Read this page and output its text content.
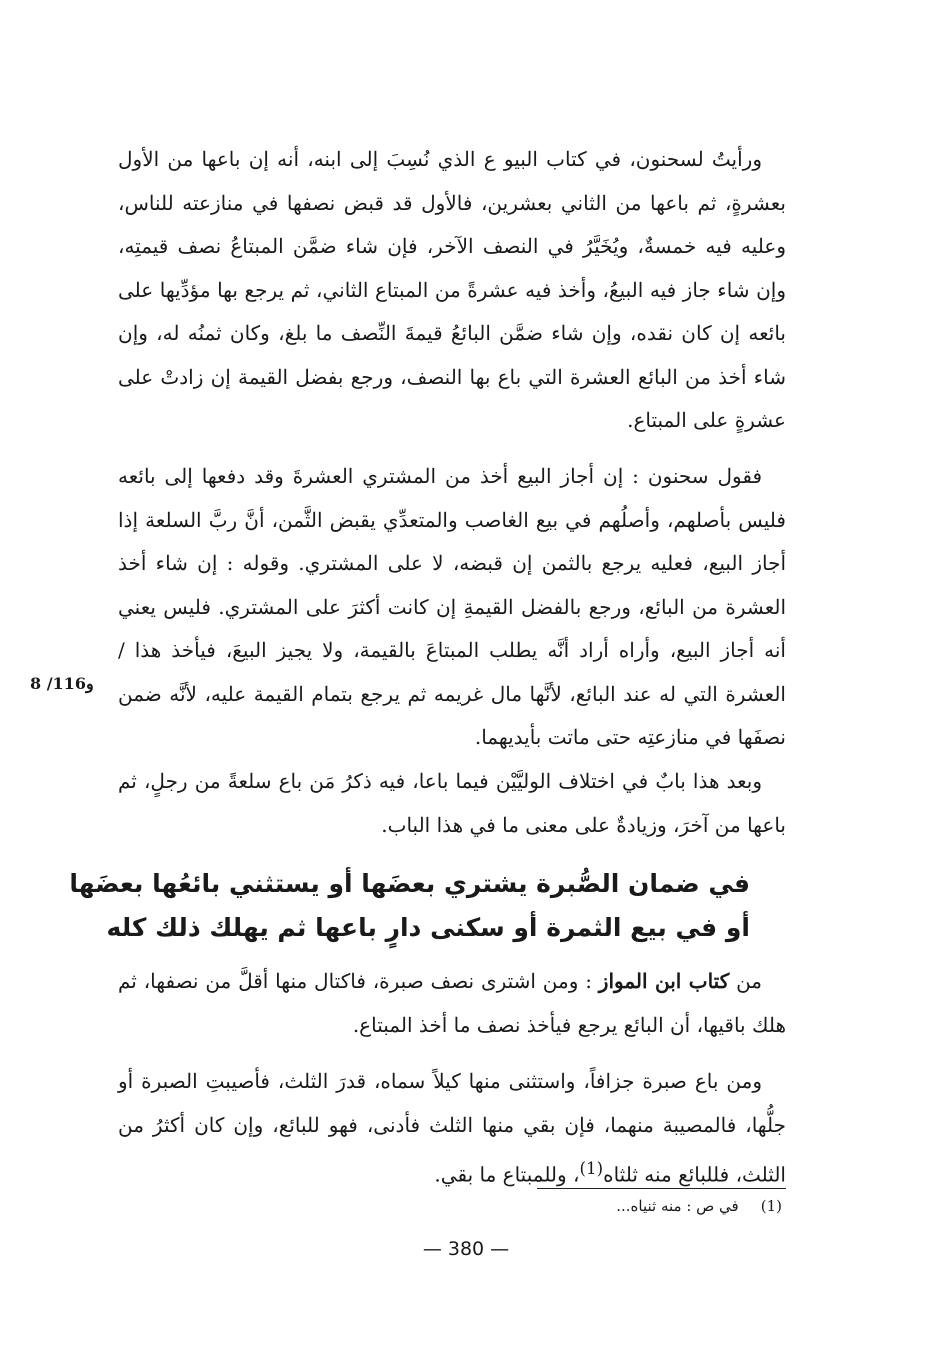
ورأيتُ لسحنون، في كتاب البيو ع الذي نُسِبَ إلى ابنه، أنه إن باعها من الأول بعشرةٍ، ثم باعها من الثاني بعشرين، فالأول قد قبض نصفها في منازعته للناس، وعليه فيه خمسةٌ، ويُخَيَّرُ في النصف الآخر، فإن شاء ضمَّن المبتاعُ نصف قيمتِه، وإن شاء جاز فيه البيعُ، وأخذ فيه عشرةً من المبتاع الثاني، ثم يرجع بها مؤدِّيها على بائعه إن كان نقده، وإن شاء ضمَّن البائعُ قيمةَ النِّصف ما بلغ، وكان ثمنُه له، وإن شاء أخذ من البائع العشرة التي باع بها النصف، ورجع بفضل القيمة إن زادتْ على عشرةٍ على المبتاع.

فقول سحنون : إن أجاز البيع أخذ من المشتري العشرةَ وقد دفعها إلى بائعه فليس بأصلهم، وأصلُهم في بيع الغاصب والمتعدِّي يقبض الثَّمن، أنَّ ربَّ السلعة إذا أجاز البيع، فعليه يرجع بالثمن إن قبضه، لا على المشتري. وقوله : إن شاء أخذ العشرة من البائع، ورجع بالفضل القيمةِ إن كانت أكثرَ على المشتري. فليس يعني أنه أجاز البيع، وأراه أراد أنَّه يطلب المبتاعَ بالقيمة، ولا يجيز البيعَ، فيأخذ هذا / العشرة التي له عند البائع، لأنَّها مال غريمه ثم يرجع بتمام القيمة عليه، لأنَّه ضمن نصفَها في منازعتِه حتى ماتت بأيديهما.

8 /116و

وبعد هذا بابٌ في اختلاف الوليَّيْن فيما باعا، فيه ذكرُ مَن باع سلعةً من رجلٍ، ثم باعها من آخرَ، وزيادةٌ على معنى ما في هذا الباب.

في ضمان الصُّبرة يشتري بعضَها أو يستثني بائعُها بعضَها
أو في بيع الثمرة أو سكنى دارٍ باعها ثم يهلك ذلك كله

من كتاب ابن المواز : ومن اشترى نصف صبرة، فاكتال منها أقلَّ من نصفها، ثم هلك باقيها، أن البائع يرجع فيأخذ نصف ما أخذ المبتاع.

ومن باع صبرة جزافاً، واستثنى منها كيلاً سماه، قدرَ الثلث، فأصيبتِ الصبرة أو جلُّها، فالمصيبة منهما، فإن بقي منها الثلث فأدنى، فهو للبائع، وإن كان أكثرُ من الثلث، فللبائع منه ثلثاه$^{(1)}$، وللمبتاع ما بقي.

(1)في ص : منه ثنياه...
— 380 —
